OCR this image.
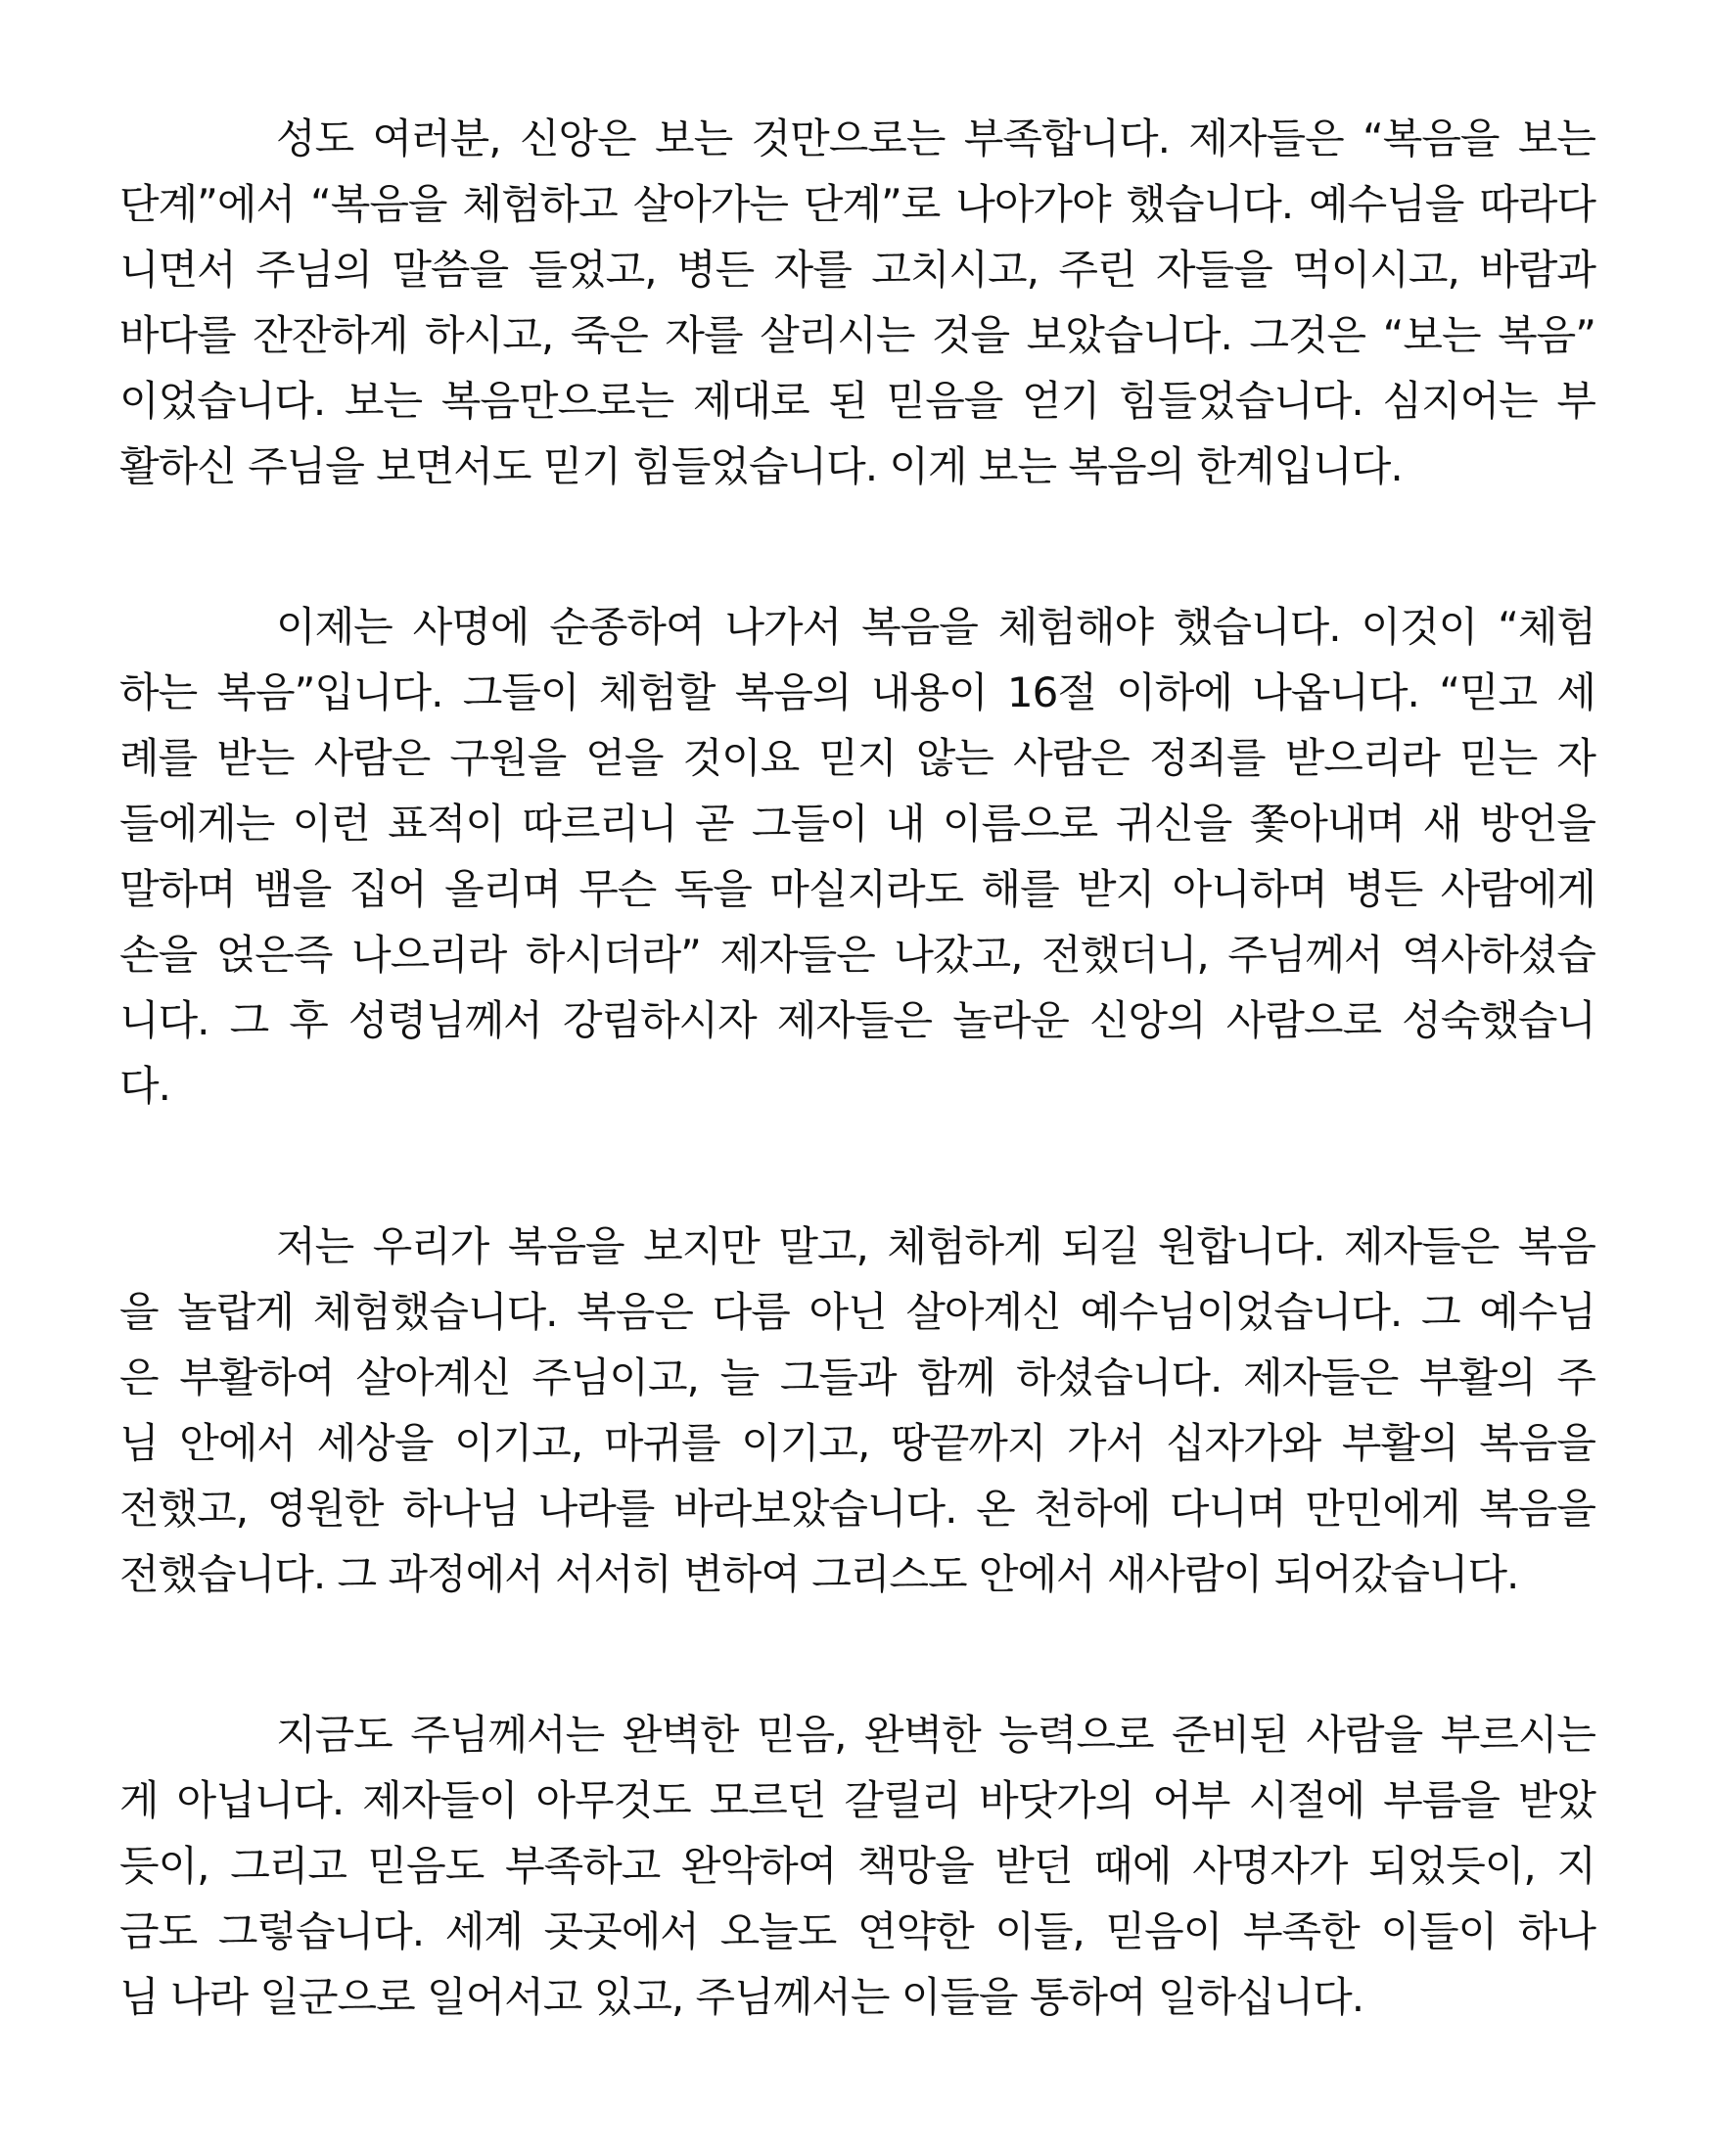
성도 여러분, 신앙은 보는 것만으로는 부족합니다. 제자들은 “복음을 보는
단계”에서 “복음을 체험하고 살아가는 단계”로 나아가야 했습니다. 예수님을 따라다
니면서 주님의 말씀을 들었고, 병든 자를 고치시고, 주린 자들을 먹이시고, 바람과
바다를 잔잔하게 하시고, 죽은 자를 살리시는 것을 보았습니다. 그것은 “보는 복음”
이었습니다. 보는 복음만으로는 제대로 된 믿음을 얻기 힘들었습니다. 심지어는 부
활하신 주님을 보면서도 믿기 힘들었습니다. 이게 보는 복음의 한계입니다.
이제는 사명에 순종하여 나가서 복음을 체험해야 했습니다. 이것이 “체험
하는 복음”입니다. 그들이 체험할 복음의 내용이 16절 이하에 나옵니다. “믿고 세
례를 받는 사람은 구원을 얻을 것이요 믿지 않는 사람은 정죄를 받으리라 믿는 자
들에게는 이런 표적이 따르리니 곧 그들이 내 이름으로 귀신을 쫓아내며 새 방언을
말하며 뱀을 집어 올리며 무슨 독을 마실지라도 해를 받지 아니하며 병든 사람에게
손을 얹은즉 나으리라 하시더라” 제자들은 나갔고, 전했더니, 주님께서 역사하셨습
니다. 그 후 성령님께서 강림하시자 제자들은 놀라운 신앙의 사람으로 성숙했습니
다.
저는 우리가 복음을 보지만 말고, 체험하게 되길 원합니다. 제자들은 복음
을 놀랍게 체험했습니다. 복음은 다름 아닌 살아계신 예수님이었습니다. 그 예수님
은 부활하여 살아계신 주님이고, 늘 그들과 함께 하셨습니다. 제자들은 부활의 주
님 안에서 세상을 이기고, 마귀를 이기고, 땅끝까지 가서 십자가와 부활의 복음을
전했고, 영원한 하나님 나라를 바라보았습니다. 온 천하에 다니며 만민에게 복음을
전했습니다. 그 과정에서 서서히 변하여 그리스도 안에서 새사람이 되어갔습니다.
지금도 주님께서는 완벽한 믿음, 완벽한 능력으로 준비된 사람을 부르시는
게 아닙니다. 제자들이 아무것도 모르던 갈릴리 바닷가의 어부 시절에 부름을 받았
듯이, 그리고 믿음도 부족하고 완악하여 책망을 받던 때에 사명자가 되었듯이, 지
금도 그렇습니다. 세계 곳곳에서 오늘도 연약한 이들, 믿음이 부족한 이들이 하나
님 나라 일군으로 일어서고 있고, 주님께서는 이들을 통하여 일하십니다.
